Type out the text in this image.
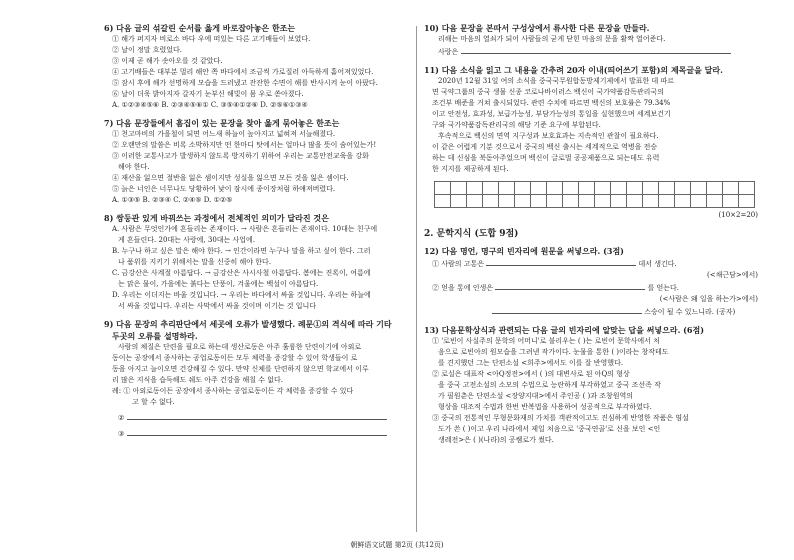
6) 다음 글의 섞갈린 순서를 옳게 바로잡아놓은 한조는
① 해가 퍼지자 비로소 바다 우에 떠있는 다른 고기배들이 보였다.
② 날이 정말 흐렸었다.
③ 이제 곧 해가 솟아오를 것 같았다.
④ 고기배들은 대부분 멀리 해안 쪽 바다에서 조금씩 가로질러 아득하게 흩어져있었다.
⑤ 잠시 후에 해가 선명하게 모습을 드러냈고 잔잔한 수면이 해를 반사시켜 눈이 아팠다.
⑥ 날이 더욱 밝아지자 갈자기 눈부신 해빛이 몸 우로 쏟아졌다.
A. ①②③④⑤⑥ B. ②③④⑤⑥① C. ③⑤④①②⑥ D. ②⑤⑥①③④
7) 다음 문장들에서 흠집이 있는 문장을 찾아 옳게 묶어놓은 한조는
① 천고마비의 가을철이 되면 어느새 하늘이 높아지고 넓혀져 서늘해졌다.
② 오랜만의 말씀은 비록 소박하지만 떤 한마디 탓에서는 얼마나 많을 뜻이 숨어있는가!
③ 이러한 교통사고가 발생하지 않도록 방지하기 위하여 우리는 교통안전교육을 강화
해야 한다.
④ 재산을 잃으면 절반을 잃은 셈이지만 성실을 잃으면 모든 것을 잃은 셈이다.
⑤ 늙은 너인은 너무나도 당황하여 낯이 잠시에 종이장처럼 하얘져버렸다.
A. ①③⑤ B. ②③④ C. ②④⑤ D. ①②⑤
8) 쌍둥관 있게 바꿔쓰는 과정에서 전체적인 의미가 달라진 것은
A. 사람은 무엇인가에 흔들리는 존재이다. → 사람은 흔들리는 존재이다. 10대는 친구에
게 흔들린다. 20대는 사랑에, 30대는 사업에.
B. 누구나 하고 싶은 말은 해야 한다. → 인간이라면 누구나 말을 하고 싶어 한다. 그러
나 품위를 지키기 위해서는 말을 신중히 해야 한다.
C. 금강산은 사계절 아름답다. → 금강산은 사시사철 아름답다. 봄에는 진록이, 여름에
는 맑은 물이, 가을에는 붉다는 단풍이, 겨울에는 백설이 아름답다.
D. 우리는 이더지는 바울 것입니다. → 우리는 바다에서 싸울 것입니다. 우리는 하늘에
서 싸울 것입니다. 우리는 사막에서 싸울 것이며 이기는 것 입니다
9) 다음 문장의 추리판단에서 세곳에 오류가 발생했다. 례문①의 격식에 따라 기타
두곳의 오류를 설명하라.
사람의 체질은 단련을 필요로 하는데 생산로동은 아주 훌륭한 단련이기에 아외로
동이는 공장에서 종사하는 공업로동이든 모두 체력을 증강할 수 있어 학생들이 로
동을 아지고 늘이오면 건강해질 수 있다. 만약 신체를 단련하지 않으면 학교에서 이루
리 많은 지식을 습득해도 쉐도 아주 건강을 해칠 수 없다.
례: ① 아외로동이든 공장에서 종사하는 공업로동이든 각 체력을 증강할 수 있다
고 할 수 없다.
②
③
10) 다음 문장을 본따서 구성상에서 류사한 다른 문장을 만들라.
리해는 마음의 열쇠가 되어 사람들의 굳게 닫힌 마음의 문을 활짝 열어준다.
사랑은
11) 다음 소식을 읽고 그 내용을 간추려 20자 이내(띄어쓰기 포함)의 제목글을 달라.
2020년 12월 31일 여의 소식을 중국국무원합동방제기제에서 발표한 데 따르
면 국약그룹의 중국 생물 신종 코로나바이러스 백신이 국가약품감독관리국의
조건부 배준을 거쳐 출시되었다. 관련 수치에 따르면 백신의 보호률은 79.34%
이고 안전성, 효과성, 보급가능성, 부담가능성의 통일을 실현했으며 세계보건기
구와 국가약품감독관리국의 해당 기준 요구에 부합된다.
후속적으로 백신의 면역 지구성과 보호효과는 지속적인 관찰이 필요하다.
이 같은 어렵게 기분 것으로서 중국의 백신 출시는 세계적으로 역병을 전승
하는 데 신심을 북돋아주었으며 백신이 글로벌 공공제품으로 되는데도 유력
한 지지를 제공하게 된다.

(10×2=20)
2. 문학지식 (도합 9점)
12) 다음 명언, 명구의 빈자리에 원문을 써넣으라. (3점)
① 사람의 고통은	데서 생긴다.
(<채근담>에서)
② 얻을 통에 인생은	를 얻는다.
(<사람은 왜 일을 하는가>에서)
스승이 될 수 있느니라. (공자)
13) 다음문학상식과 관련되는 다음 글의 빈자리에 알맞는 답을 써넣으라. (6점)
① '로빈이 사실주의 문학의 어머니'로 불리우는 ( )는 로빈어 문학사에서 처
음으로 로빈아의 원모습을 그려낸 작가이다. 눈물을 통한 ( )이라는 창작테도
를 견지했던 그는 단편소설 <희주>에서도 이를 잘 반영했다.
② 로실은 대표작 <아Q정전>에서 ( )의 대변사로 된 아Q의 형상
을 중국 고전소설의 소모의 수법으로 능란하게 부각하였고 중국 조선족 작
가 필원춘은 단편소설 <장양지대>에서 주인공 ( )과 조창원역의
형상을 대조적 수법과 한번 반복법을 사용하여 성공적으로 부각하였다.
③ 중국의 전통적인 무형문화재의 가치를 객관적이고도 진심하게 반영한 작품은 염설
도가 쓴 ( )이고 우리 나라에서 제일 처음으로 '중국연골'로 신을 보인 <인
생레전>은 ( )(나라)의 공쌤로가 썼다.
朝鲜语文试题 第2页 (共12页)
